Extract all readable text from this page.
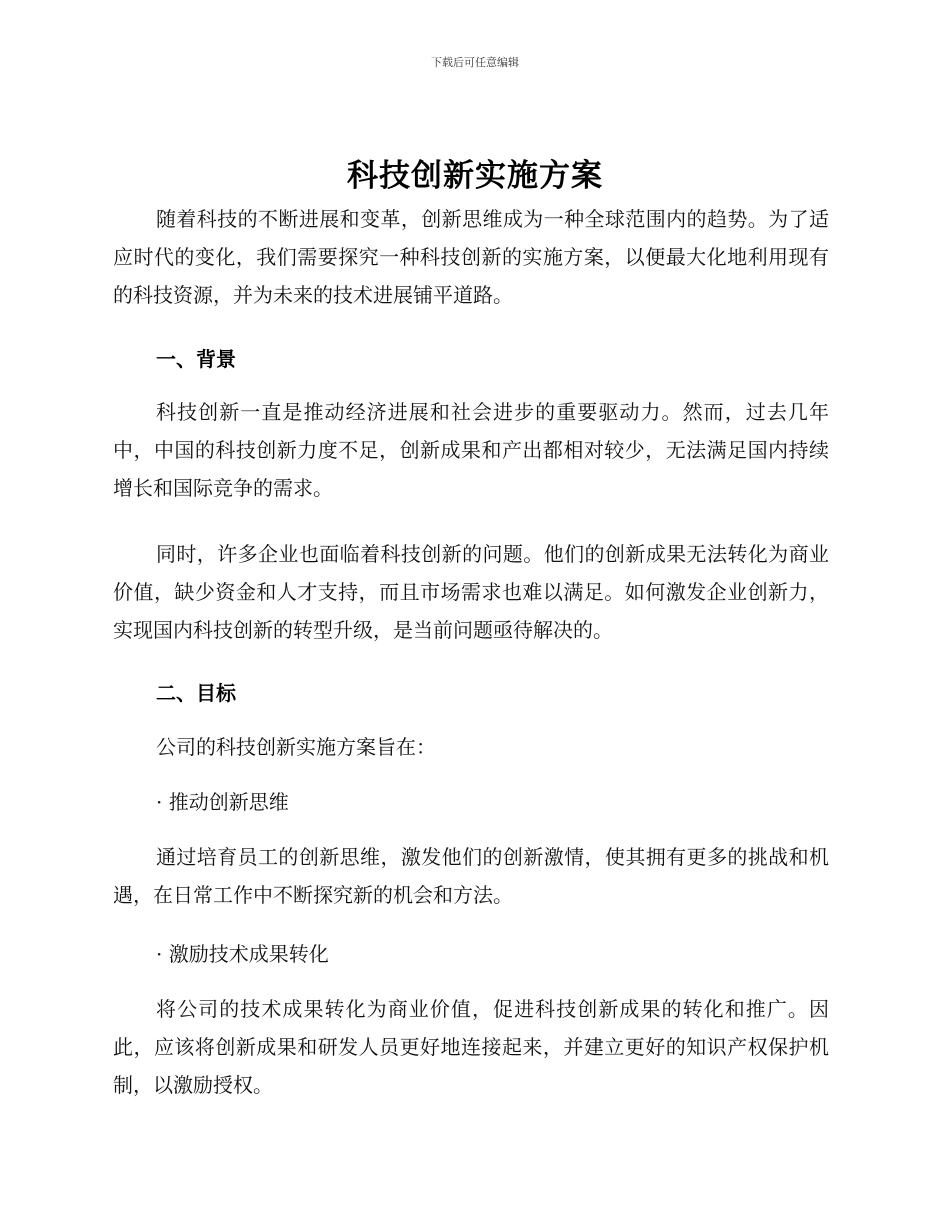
下载后可任意编辑
科技创新实施方案

随着科技的不断进展和变革，创新思维成为一种全球范围内的趋势。为了适应时代的变化，我们需要探究一种科技创新的实施方案，以便最大化地利用现有的科技资源，并为未来的技术进展铺平道路。

一、背景

科技创新一直是推动经济进展和社会进步的重要驱动力。然而，过去几年中，中国的科技创新力度不足，创新成果和产出都相对较少，无法满足国内持续增长和国际竞争的需求。

同时，许多企业也面临着科技创新的问题。他们的创新成果无法转化为商业价值，缺少资金和人才支持，而且市场需求也难以满足。如何激发企业创新力，实现国内科技创新的转型升级，是当前问题亟待解决的。

二、目标
公司的科技创新实施方案旨在：
· 推动创新思维

通过培育员工的创新思维，激发他们的创新激情，使其拥有更多的挑战和机遇，在日常工作中不断探究新的机会和方法。

· 激励技术成果转化

将公司的技术成果转化为商业价值，促进科技创新成果的转化和推广。因此，应该将创新成果和研发人员更好地连接起来，并建立更好的知识产权保护机制，以激励授权。
